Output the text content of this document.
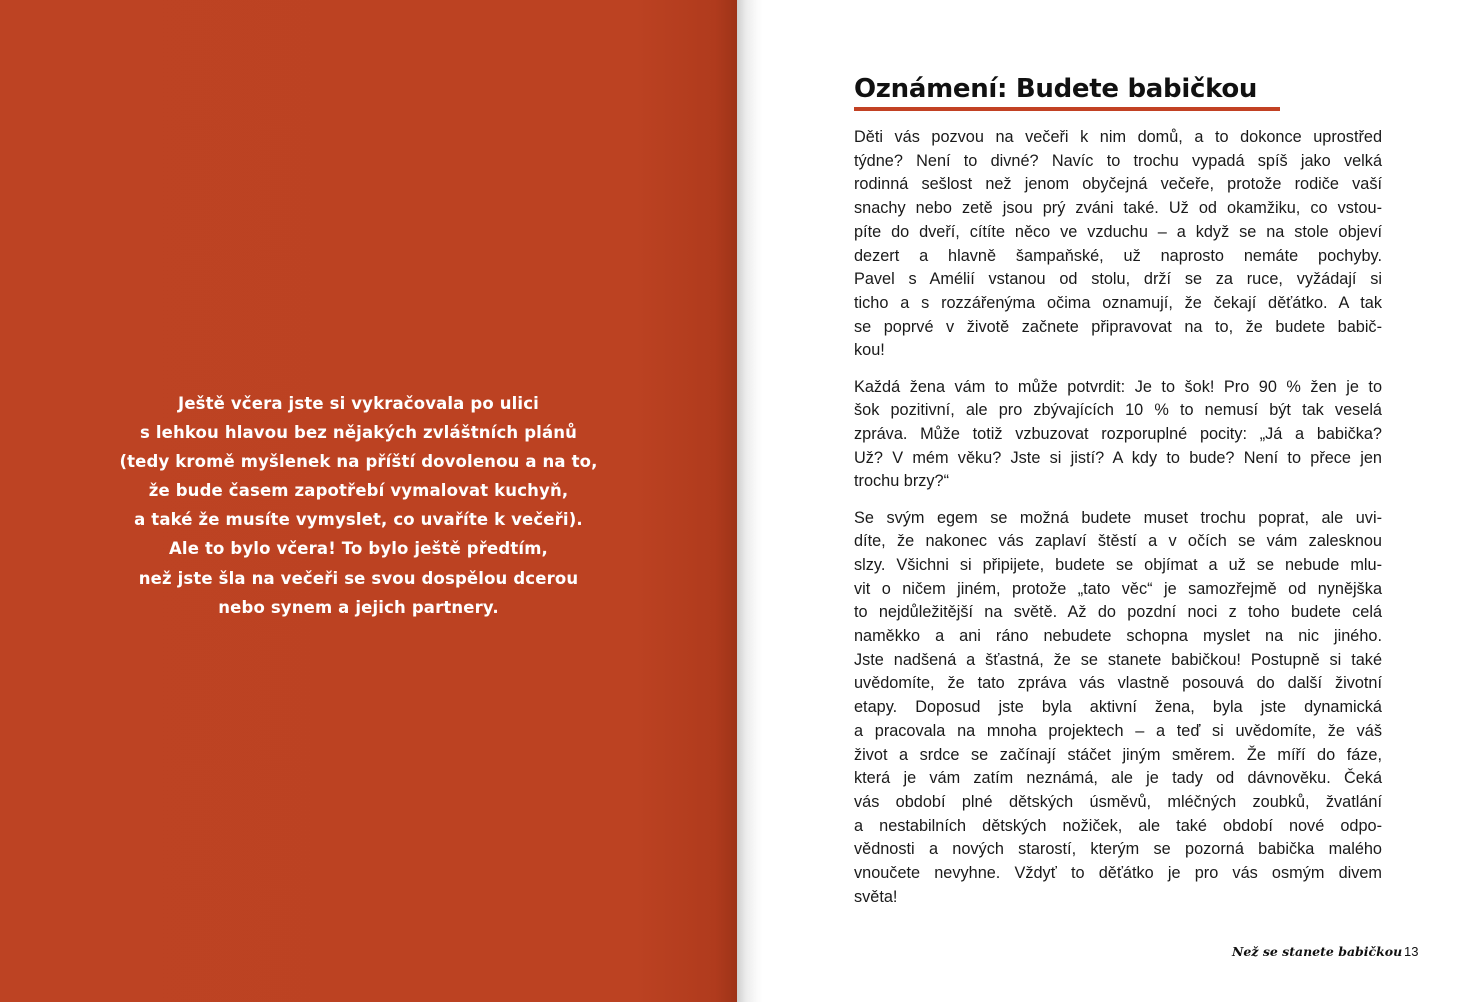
Ještě včera jste si vykračovala po ulici
s lehkou hlavou bez nějakých zvláštních plánů
(tedy kromě myšlenek na příští dovolenou a na to,
že bude časem zapotřebí vymalovat kuchyň,
a také že musíte vymyslet, co uvaříte k večeři).
Ale to bylo včera! To bylo ještě předtím,
než jste šla na večeři se svou dospělou dcerou
nebo synem a jejich partnery.
Oznámení: Budete babičkou

Děti vás pozvou na večeři k nim domů, a to dokonce uprostřed
týdne? Není to divné? Navíc to trochu vypadá spíš jako velká
rodinná sešlost než jenom obyčejná večeře, protože rodiče vaší
snachy nebo zetě jsou prý zváni také. Už od okamžiku, co vstou-
píte do dveří, cítíte něco ve vzduchu – a když se na stole objeví
dezert a hlavně šampaňské, už naprosto nemáte pochyby.
Pavel s Amélií vstanou od stolu, drží se za ruce, vyžádají si
ticho a s rozzářenýma očima oznamují, že čekají děťátko. A tak
se poprvé v životě začnete připravovat na to, že budete babič-
kou!

Každá žena vám to může potvrdit: Je to šok! Pro 90 % žen je to
šok pozitivní, ale pro zbývajících 10 % to nemusí být tak veselá
zpráva. Může totiž vzbuzovat rozporuplné pocity: „Já a babička?
Už? V mém věku? Jste si jistí? A kdy to bude? Není to přece jen
trochu brzy?“

Se svým egem se možná budete muset trochu poprat, ale uvi-
díte, že nakonec vás zaplaví štěstí a v očích se vám zalesknou
slzy. Všichni si připijete, budete se objímat a už se nebude mlu-
vit o ničem jiném, protože „tato věc“ je samozřejmě od nynějška
to nejdůležitější na světě. Až do pozdní noci z toho budete celá
naměkko a ani ráno nebudete schopna myslet na nic jiného.
Jste nadšená a šťastná, že se stanete babičkou! Postupně si také
uvědomíte, že tato zpráva vás vlastně posouvá do další životní
etapy. Doposud jste byla aktivní žena, byla jste dynamická
a pracovala na mnoha projektech – a teď si uvědomíte, že váš
život a srdce se začínají stáčet jiným směrem. Že míří do fáze,
která je vám zatím neznámá, ale je tady od dávnověku. Čeká
vás období plné dětských úsměvů, mléčných zoubků, žvatlání
a nestabilních dětských nožiček, ale také období nové odpo-
vědnosti a nových starostí, kterým se pozorná babička malého
vnoučete nevyhne. Vždyť to děťátko je pro vás osmým divem
světa!

Než se stanete babičkou 13
